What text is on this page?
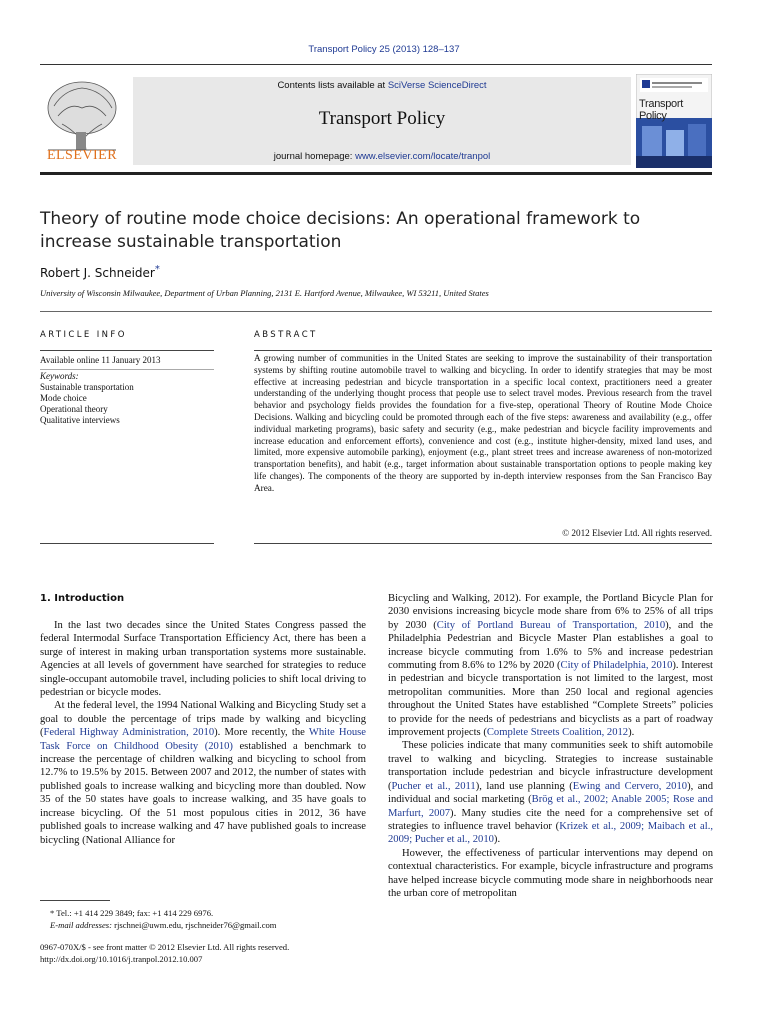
Transport Policy 25 (2013) 128–137
ELSEVIER
Transport Policy
Contents lists available at SciVerse ScienceDirect
Transport Policy
journal homepage: www.elsevier.com/locate/tranpol
Theory of routine mode choice decisions: An operational framework to increase sustainable transportation
Robert J. Schneider*
University of Wisconsin Milwaukee, Department of Urban Planning, 2131 E. Hartford Avenue, Milwaukee, WI 53211, United States
ARTICLE INFO	ABSTRACT
Available online 11 January 2013
Keywords:
Sustainable transportation
Mode choice
Operational theory
Qualitative interviews
A growing number of communities in the United States are seeking to improve the sustainability of their transportation systems by shifting routine automobile travel to walking and bicycling. In order to identify strategies that may be most effective at increasing pedestrian and bicycle transportation in a specific local context, practitioners need a greater understanding of the underlying thought process that people use to select travel modes. Previous research from the travel behavior and psychology fields provides the foundation for a five-step, operational Theory of Routine Mode Choice Decisions. Walking and bicycling could be promoted through each of the five steps: awareness and availability (e.g., offer individual marketing programs), basic safety and security (e.g., make pedestrian and bicycle facility improvements and increase education and enforcement efforts), convenience and cost (e.g., institute higher-density, mixed land uses, and limited, more expensive automobile parking), enjoyment (e.g., plant street trees and increase awareness of non-motorized transportation benefits), and habit (e.g., target information about sustainable transportation options to people making key life changes). The components of the theory are supported by in-depth interview responses from the San Francisco Bay Area.
© 2012 Elsevier Ltd. All rights reserved.
1. Introduction

In the last two decades since the United States Congress passed the federal Intermodal Surface Transportation Efficiency Act, there has been a surge of interest in making urban transportation systems more sustainable. Agencies at all levels of government have searched for strategies to reduce single-occupant automobile travel, including policies to shift local driving to pedestrian or bicycle modes.

At the federal level, the 1994 National Walking and Bicycling Study set a goal to double the percentage of trips made by walking and bicycling (Federal Highway Administration, 2010). More recently, the White House Task Force on Childhood Obesity (2010) established a benchmark to increase the percentage of children walking and bicycling to school from 12.7% to 19.5% by 2015. Between 2007 and 2012, the number of states with published goals to increase walking and bicycling more than doubled. Now 35 of the 50 states have goals to increase walking, and 35 have goals to increase bicycling. Of the 51 most populous cities in 2012, 36 have published goals to increase walking and 47 have published goals to increase bicycling (National Alliance for

Bicycling and Walking, 2012). For example, the Portland Bicycle Plan for 2030 envisions increasing bicycle mode share from 6% to 25% of all trips by 2030 (City of Portland Bureau of Transportation, 2010), and the Philadelphia Pedestrian and Bicycle Master Plan establishes a goal to increase bicycle commuting from 1.6% to 5% and increase pedestrian commuting from 8.6% to 12% by 2020 (City of Philadelphia, 2010). Interest in pedestrian and bicycle transportation is not limited to the largest, most metropolitan communities. More than 250 local and regional agencies throughout the United States have established “Complete Streets” policies to provide for the needs of pedestrians and bicyclists as a part of roadway improvement projects (Complete Streets Coalition, 2012).

These policies indicate that many communities seek to shift automobile travel to walking and bicycling. Strategies to increase sustainable transportation include pedestrian and bicycle infrastructure development (Pucher et al., 2011), land use planning (Ewing and Cervero, 2010), and individual and social marketing (Brög et al., 2002; Anable 2005; Rose and Marfurt, 2007). Many studies cite the need for a comprehensive set of strategies to influence travel behavior (Krizek et al., 2009; Maibach et al., 2009; Pucher et al., 2010).

However, the effectiveness of particular interventions may depend on contextual characteristics. For example, bicycle infrastructure and programs have helped increase bicycle commuting mode share in neighborhoods near the urban core of metropolitan

* Tel.: +1 414 229 3849; fax: +1 414 229 6976.
E-mail addresses: rjschnei@uwm.edu, rjschneider76@gmail.com
0967-070X/$ - see front matter © 2012 Elsevier Ltd. All rights reserved.
http://dx.doi.org/10.1016/j.tranpol.2012.10.007
